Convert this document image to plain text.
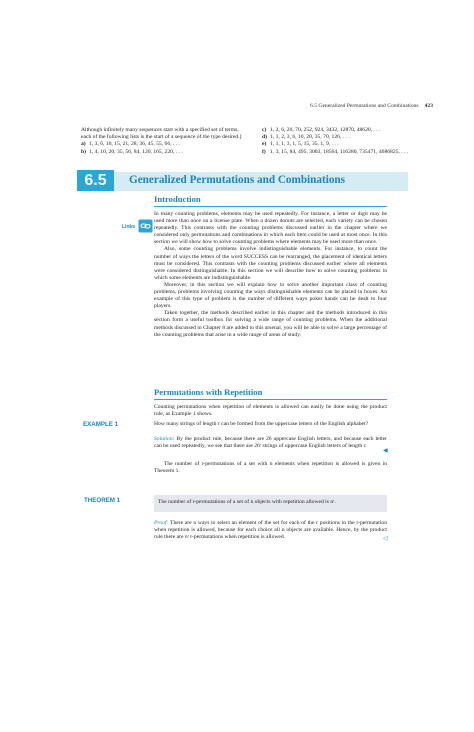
6.5 Generalized Permutations and Combinations 423
Although infinitely many sequences start with a specified set of terms, each of the following lists is the start of a sequence of the type desired.]
a) 1, 3, 6, 10, 15, 21, 28, 36, 45, 55, 66, . . .
b) 1, 4, 10, 20, 35, 56, 84, 120, 165, 220, . . .
c) 1, 2, 6, 20, 70, 252, 924, 3432, 12870, 48620, . . .
d) 1, 1, 2, 3, 6, 10, 20, 35, 70, 126, . . .
e) 1, 1, 1, 3, 1, 5, 15, 35, 1, 9, . . .
f) 1, 3, 15, 84, 495, 3003, 18564, 116280, 735471, 4686825, . . .
6.5	Generalized Permutations and Combinations
Introduction
Links

In many counting problems, elements may be used repeatedly. For instance, a letter or digit may be used more than once on a license plate. When a dozen donuts are selected, each variety can be chosen repeatedly. This contrasts with the counting problems discussed earlier in the chapter where we considered only permutations and combinations in which each item could be used at most once. In this section we will show how to solve counting problems where elements may be used more than once.

Also, some counting problems involve indistinguishable elements. For instance, to count the number of ways the letters of the word SUCCESS can be rearranged, the placement of identical letters must be considered. This contrasts with the counting problems discussed earlier where all elements were considered distinguishable. In this section we will describe how to solve counting problems in which some elements are indistinguishable.

Moreover, in this section we will explain how to solve another important class of counting problems, problems involving counting the ways distinguishable elements can be placed in boxes. An example of this type of problem is the number of different ways poker hands can be dealt to four players.

Taken together, the methods described earlier in this chapter and the methods introduced in this section form a useful toolbox for solving a wide range of counting problems. When the additional methods discussed in Chapter 8 are added to this arsenal, you will be able to solve a large percentage of the counting problems that arise in a wide range of areas of study.

Permutations with Repetition
Counting permutations when repetition of elements is allowed can easily be done using the product rule, as Example 1 shows.
EXAMPLE 1	How many strings of length r can be formed from the uppercase letters of the English alphabet?
Solution: By the product rule, because there are 26 uppercase English letters, and because each letter can be used repeatedly, we see that there are 26ʳ strings of uppercase English letters of length r.
◀
The number of r-permutations of a set with n elements when repetition is allowed is given in Theorem 1.
THEOREM 1	The number of r-permutations of a set of n objects with repetition allowed is nʳ.
Proof: There are n ways to select an element of the set for each of the r positions in the r-permutation when repetition is allowed, because for each choice all n objects are available. Hence, by the product rule there are nʳ r-permutations when repetition is allowed.	◁
